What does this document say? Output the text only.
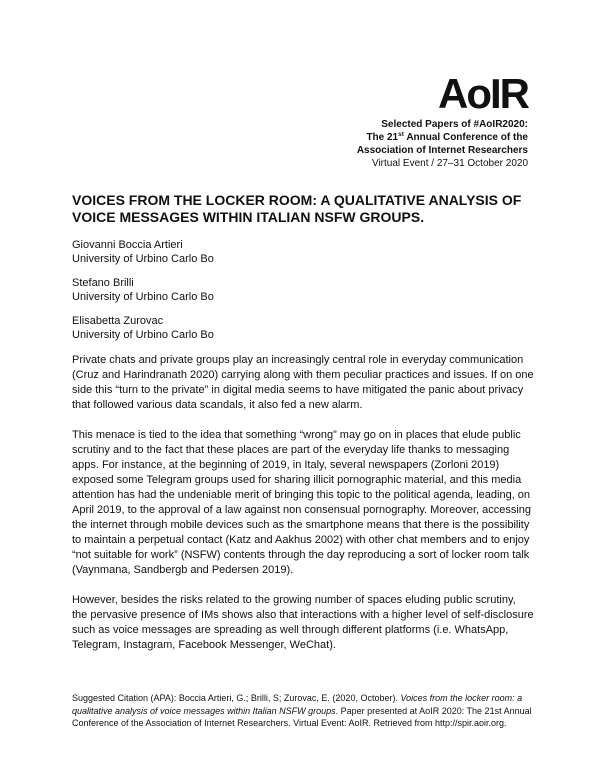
AoIR
Selected Papers of #AoIR2020:
The 21st Annual Conference of the
Association of Internet Researchers
Virtual Event / 27–31 October 2020
VOICES FROM THE LOCKER ROOM: A QUALITATIVE ANALYSIS OF VOICE MESSAGES WITHIN ITALIAN NSFW GROUPS.
Giovanni Boccia Artieri
University of Urbino Carlo Bo
Stefano Brilli
University of Urbino Carlo Bo
Elisabetta Zurovac
University of Urbino Carlo Bo

Private chats and private groups play an increasingly central role in everyday communication (Cruz and Harindranath 2020) carrying along with them peculiar practices and issues. If on one side this “turn to the private” in digital media seems to have mitigated the panic about privacy that followed various data scandals, it also fed a new alarm.

This menace is tied to the idea that something “wrong” may go on in places that elude public scrutiny and to the fact that these places are part of the everyday life thanks to messaging apps. For instance, at the beginning of 2019, in Italy, several newspapers (Zorloni 2019) exposed some Telegram groups used for sharing illicit pornographic material, and this media attention has had the undeniable merit of bringing this topic to the political agenda, leading, on April 2019, to the approval of a law against non consensual pornography. Moreover, accessing the internet through mobile devices such as the smartphone means that there is the possibility to maintain a perpetual contact (Katz and Aakhus 2002) with other chat members and to enjoy “not suitable for work” (NSFW) contents through the day reproducing a sort of locker room talk (Vaynmana, Sandbergb and Pedersen 2019).

However, besides the risks related to the growing number of spaces eluding public scrutiny, the pervasive presence of IMs shows also that interactions with a higher level of self-disclosure such as voice messages are spreading as well through different platforms (i.e. WhatsApp, Telegram, Instagram, Facebook Messenger, WeChat).

Suggested Citation (APA): Boccia Artieri, G.; Brilli, S; Zurovac, E. (2020, October). Voices from the locker room: a qualitative analysis of voice messages within Italian NSFW groups. Paper presented at AoIR 2020: The 21st Annual Conference of the Association of Internet Researchers. Virtual Event: AoIR. Retrieved from http://spir.aoir.org.
